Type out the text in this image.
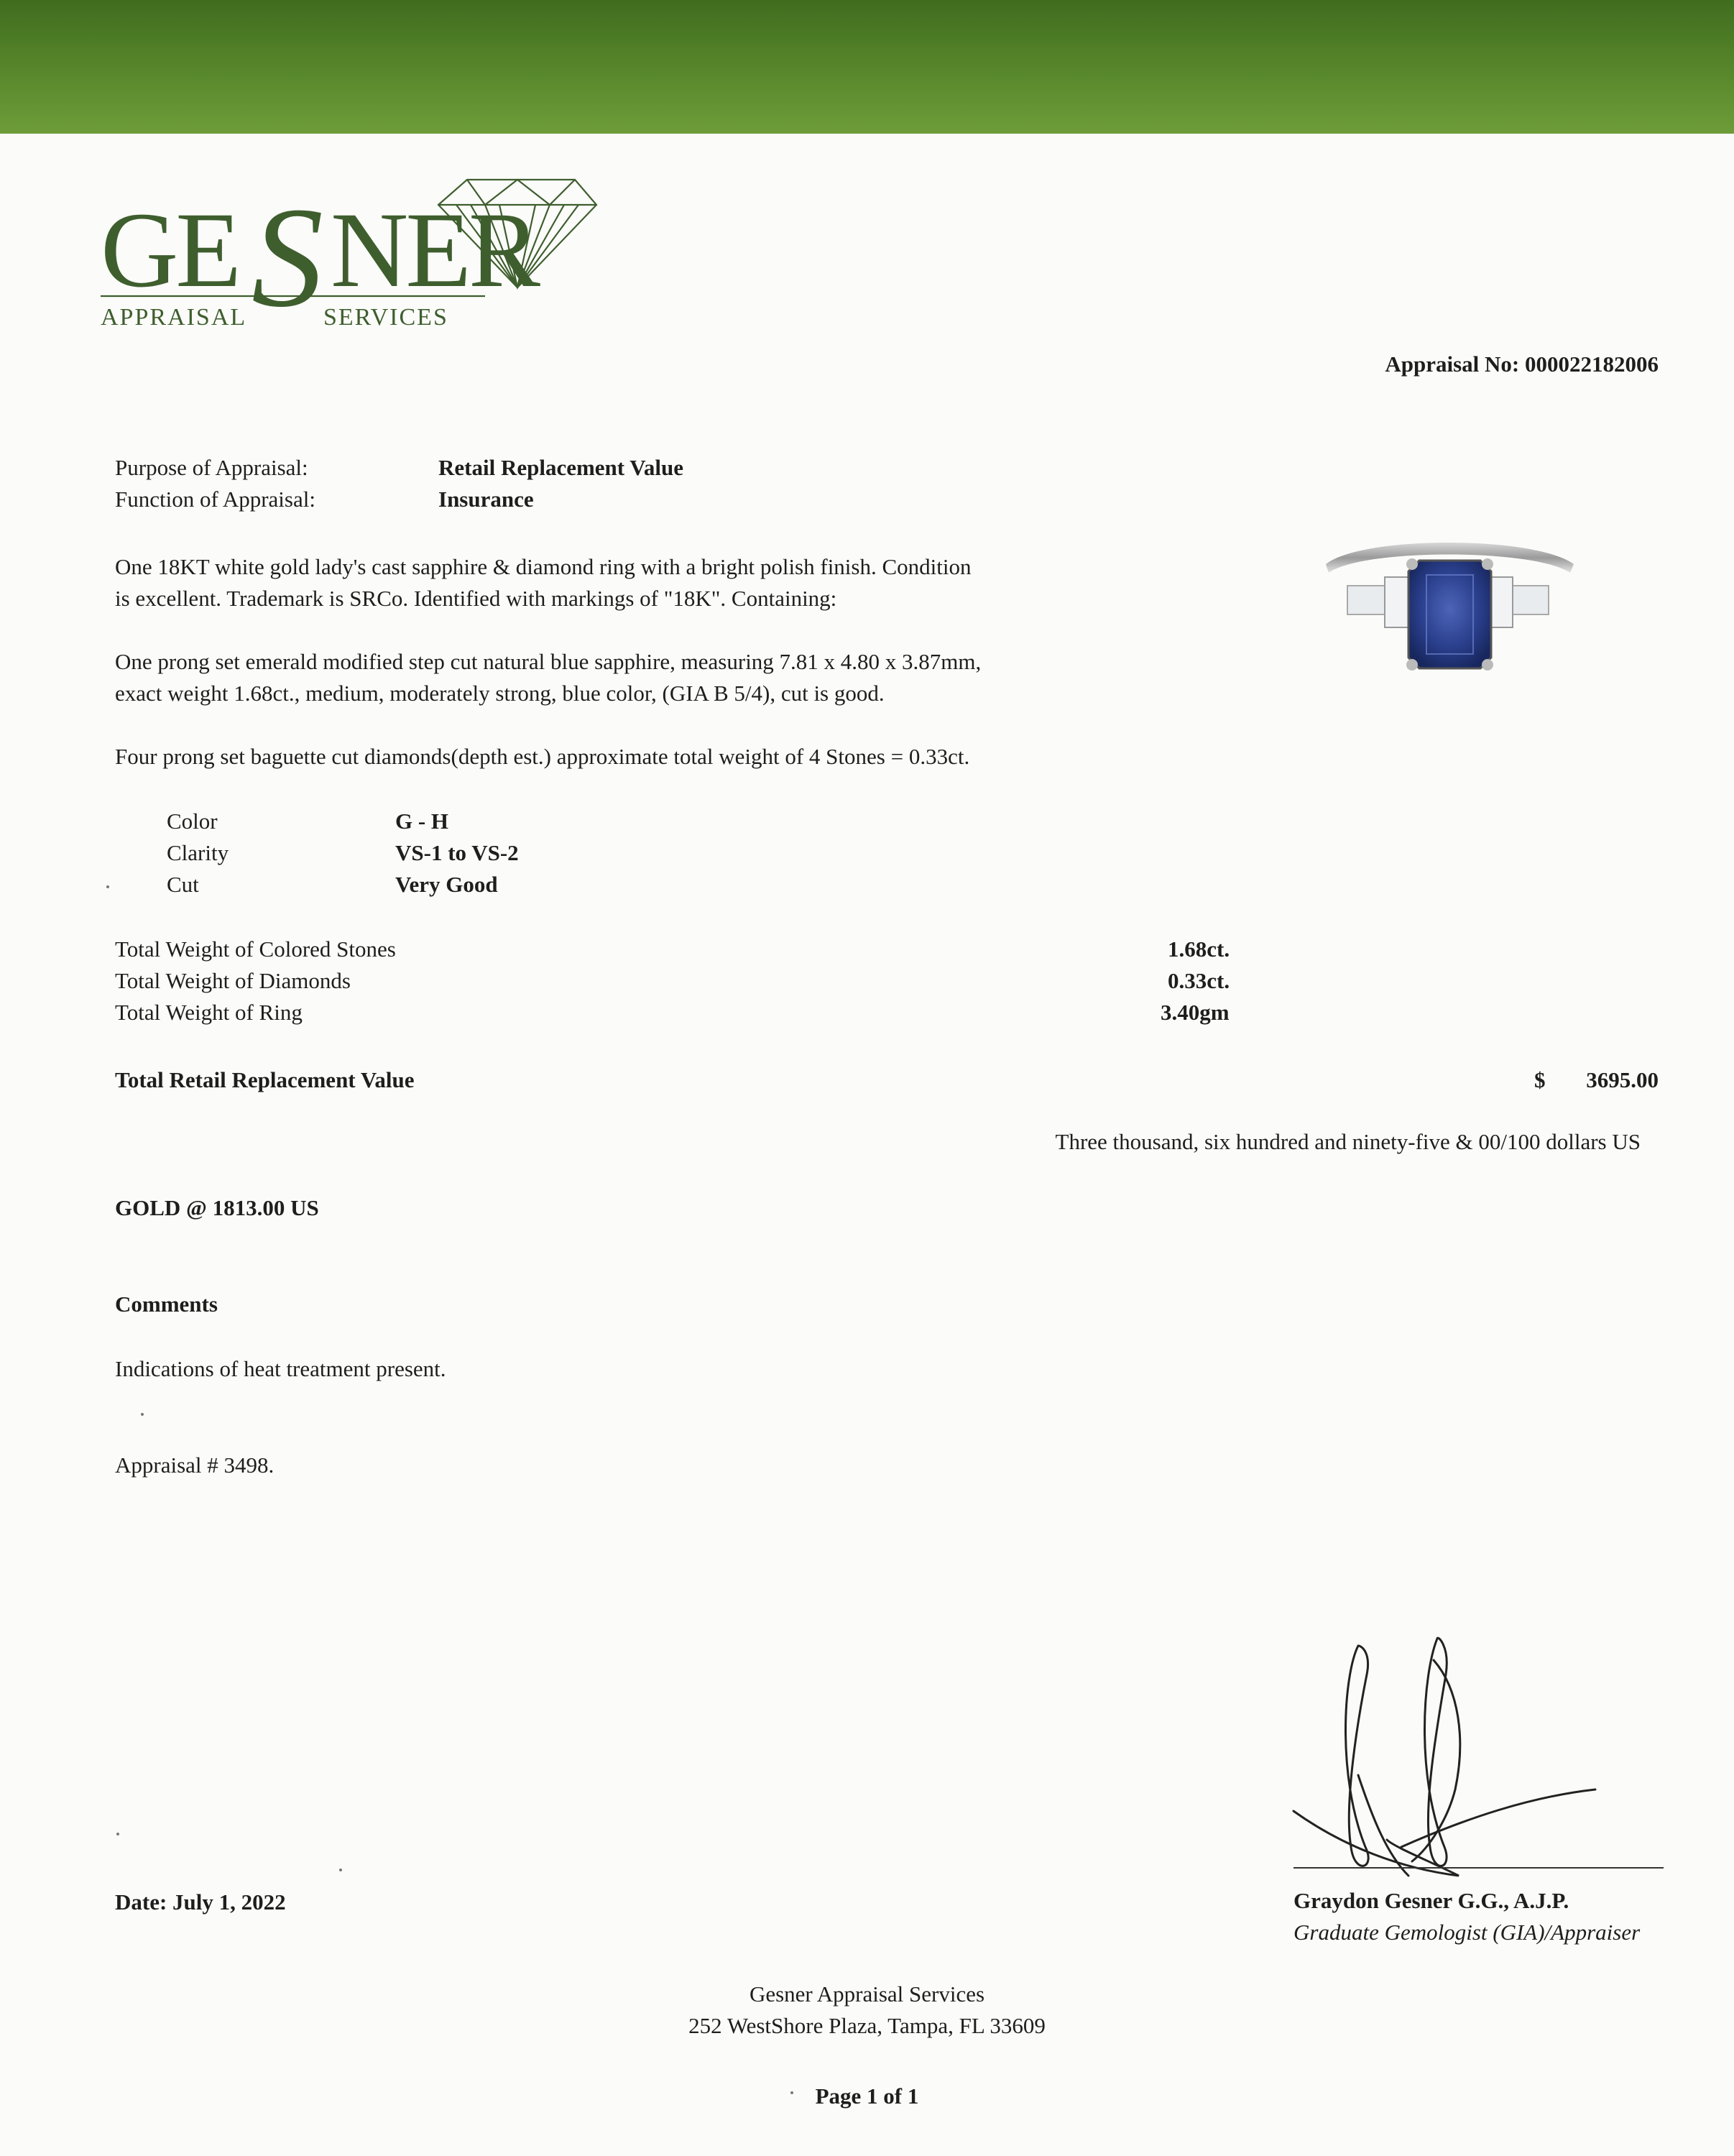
GE S NER
APPRAISAL	SERVICES
Appraisal No: 000022182006
Purpose of Appraisal:	Retail Replacement Value
Function of Appraisal:	Insurance
One 18KT white gold lady's cast sapphire & diamond ring with a bright polish finish. Condition
is excellent. Trademark is SRCo. Identified with markings of "18K". Containing:
One prong set emerald modified step cut natural blue sapphire, measuring 7.81 x 4.80 x 3.87mm,
exact weight 1.68ct., medium, moderately strong, blue color, (GIA B 5/4), cut is good.
Four prong set baguette cut diamonds(depth est.) approximate total weight of 4 Stones = 0.33ct.
Color	G - H
Clarity	VS-1 to VS-2
Cut	Very Good
Total Weight of Colored Stones	1.68ct.
Total Weight of Diamonds	0.33ct.
Total Weight of Ring	3.40gm
Total Retail Replacement Value	$ 3695.00
Three thousand, six hundred and ninety-five & 00/100 dollars US
GOLD @ 1813.00 US
Comments
Indications of heat treatment present.
Appraisal # 3498.
Date: July 1, 2022	Graydon Gesner G.G., A.J.P.
Graduate Gemologist (GIA)/Appraiser
Gesner Appraisal Services
252 WestShore Plaza, Tampa, FL 33609
Page 1 of 1
